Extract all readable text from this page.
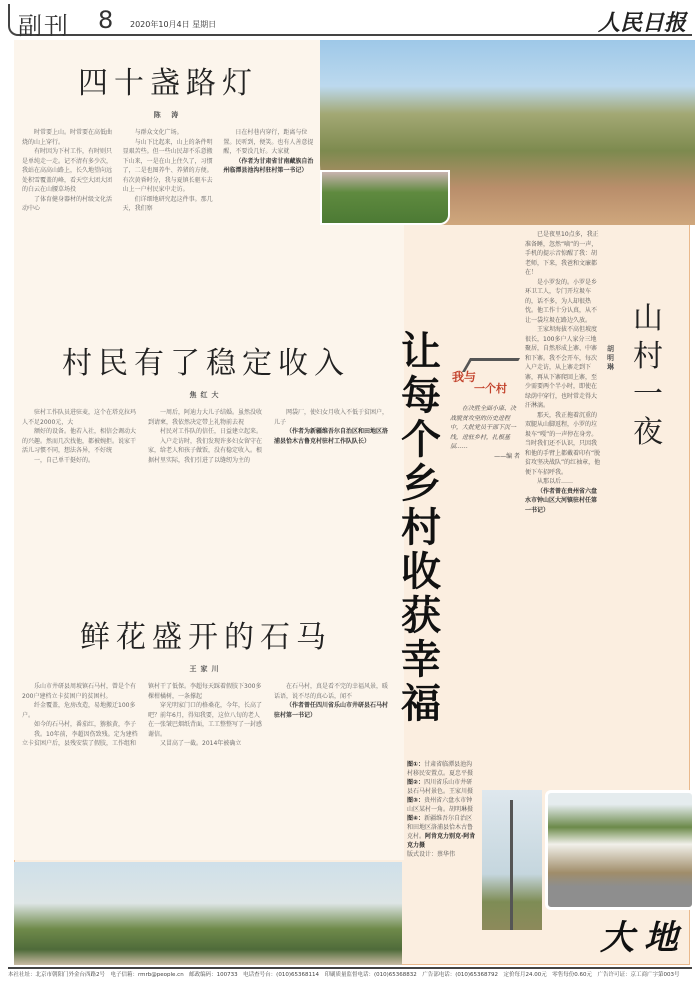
副刊 8 2020年10月4日 星期日	人民日报
四十盏路灯
陈 涛

时常要上山。时常要在高低曲烧的山上穿行。

有时因为下村工作，有时则只是单纯走一走。记不清有多少次，我站在高高山路上，长久地望向远处积雪覆盖的峰，看天空大团大团的白云在山腰草场投

了体育健身器材的村级文化活动中心

与群众文化广场。

与山下比起来，山上的条件明显艰苦些。但一些山民却不乐意搬下山来，一是在山上住久了，习惯了，二是也图养牛、养猪的方便。有次黄昏时分，我与夏镇长驱车去山上一户村民家中走访。

们详细地研究起这件事。那几天，我们察

日在村巷内穿行，距离与位置。民听到，便笑。也有人善意提醒，不要没几好。大家就

（作者为甘肃省甘南藏族自治州临潭县池沟村驻村第一书记）

村民有了稳定收入
焦红大

驻村工作队员进驻麦，这个在塔克拉玛人不足2000元，大

额好的设备。他若入社，相信会调动大的兴趣。然而几次找他，都被婉拒。说家干活儿习惯不同，想法各异，不好统

一，自己单干挺好的。

一周后，阿迪力大儿子结婚。虽然没收到请柬，我依然决定带上礼物前去祝

村民对工作队的信任，日益建立起来。

入户走访时，我们发现许多妇女留守在家，给老人和孩子做饭，没有稳定收入。根据村里实际，我们引进了以缝纫为主的

网袋厂，使妇女月收入不低于贫困户，儿子

（作者为新疆维吾尔自治区和田地区洛浦县恰木古鲁克村驻村工作队队长）

鲜花盛开的石马
王家川

乐山市井研县周坡镇石马村，曾是个有200户建档立卡贫困户的贫困村。

纤金覆盖，危房改造，易地搬迁100多户。

如今的石马村，番茄红，猕猴黄，李子

我。10年前，李超因伤致残。定为建档立卡贫困户后，县残安装了假肢，工作组和镇村干了低保。李超每天踩着假肢下300多棵柑橘树，一条撑起

穿光明家门口的格桑花，今年，长高了吧？前年6月，得知我要，这位八旬的老人在一张皱巴烟纸背面，工工整整写了一封感谢信。

又冒高了一截。2014年被确立

在石马村，真是看不完的幸福风景，暖话语，说不尽的真心话，闻不

（作者曾任四川省乐山市井研县石马村驻村第一书记）

让每个乡村收获幸福
我与
一个村

在决胜全面小康、决战脱贫攻坚的历史进程中，大批党员干部下沉一线，进驻乡村，扎根基层……

——编 者

已是夜里10点多，我正准备睡，忽然“嘀”的一声，手机的提示音惊醒了我：胡老师，下来，我爸和文廉都在！

是小罗发的。小罗是乡环卫工人，专门开垃圾车的，话不多，为人却很热忱。他工作十分认真，从不让一袋垃圾在路边久放。

王家坝海拔不高但坡度很长，100多户人家分三地聚居，自然形成上寨、中寨和下寨。我不会开车，每次入户走访，从上寨走到下寨，再从下寨爬回上寨，至少需要两个半小时，即使在绿荫中穿行，也时常走得大汗淋漓。

那天，我正拖着沉重的双腿从山脚返程，小罗的垃圾车“嘎”的一声停在身旁。当时我们还不认识，只因我和他的手臂上都戴着印有“脱贫攻坚决战队”的红袖章，他便下车招呼我。

从那以后……

（作者曾在贵州省六盘水市钟山区大河镇驻村任第一书记）

山村一夜
胡明琳

图①：甘肃省临潭县池沟村移民安置点。夏忠平摄

图②：四川省乐山市井研县石马村景色。王家川摄

图③：贵州省六盘水市钟山区某村一角。胡明琳摄

图④：新疆维吾尔自治区和田地区洛浦县恰木古鲁克村。阿肯克力别克·阿肯克力摄

版式设计：蔡华伟

大地
本社社址：北京市朝阳门外金台西路2号　电子信箱：rmrb@people.cn　邮政编码：100733　电话查号台：(010)65368114　印刷质量监督电话：(010)65368832　广告部电话：(010)65368792　定价每月24.00元　零售每份0.60元　广告许可证：京工商广字第003号
